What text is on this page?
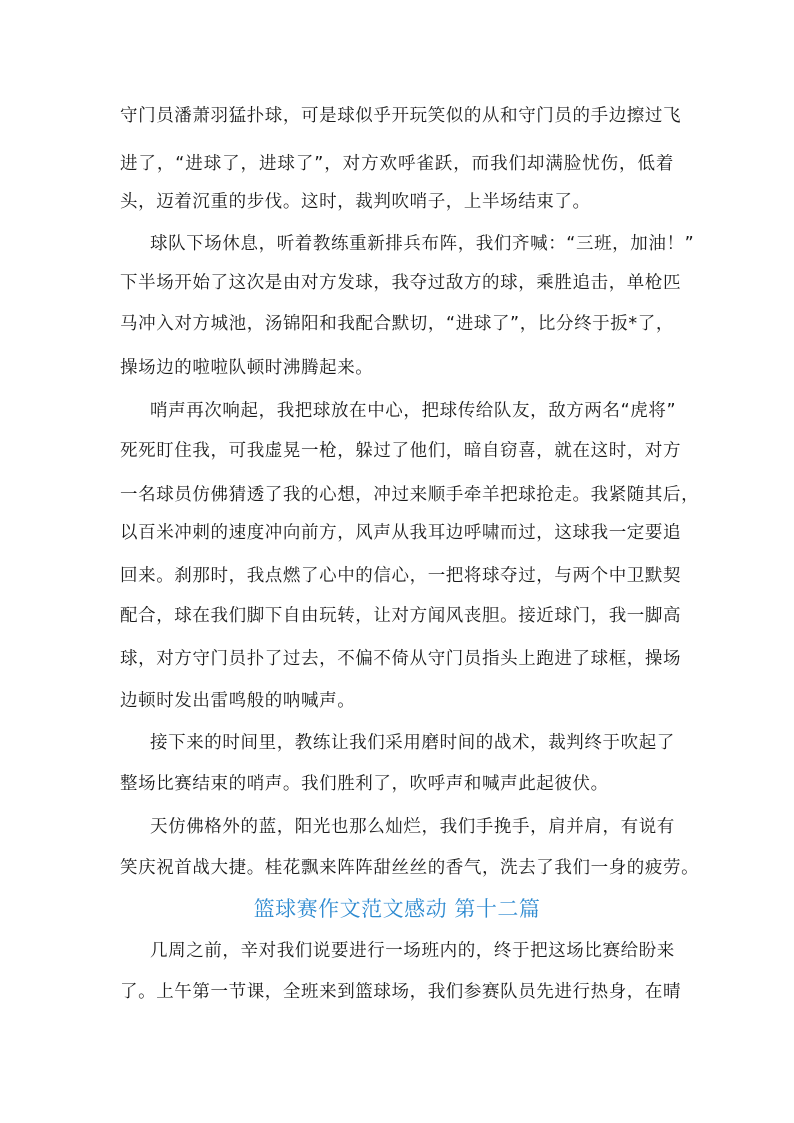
守门员潘萧羽猛扑球，可是球似乎开玩笑似的从和守门员的手边擦过飞
进了，“进球了，进球了”，对方欢呼雀跃，而我们却满脸忧伤，低着
头，迈着沉重的步伐。这时，裁判吹哨子，上半场结束了。
球队下场休息，听着教练重新排兵布阵，我们齐喊：“三班，加油！”
下半场开始了这次是由对方发球，我夺过敌方的球，乘胜追击，单枪匹
马冲入对方城池，汤锦阳和我配合默切，“进球了”，比分终于扳*了，
操场边的啦啦队顿时沸腾起来。
哨声再次响起，我把球放在中心，把球传给队友，敌方两名“虎将”
死死盯住我，可我虚晃一枪，躲过了他们，暗自窃喜，就在这时，对方
一名球员仿佛猜透了我的心想，冲过来顺手牵羊把球抢走。我紧随其后，
以百米冲刺的速度冲向前方，风声从我耳边呼啸而过，这球我一定要追
回来。刹那时，我点燃了心中的信心，一把将球夺过，与两个中卫默契
配合，球在我们脚下自由玩转，让对方闻风丧胆。接近球门，我一脚高
球，对方守门员扑了过去，不偏不倚从守门员指头上跑进了球框，操场
边顿时发出雷鸣般的呐喊声。
接下来的时间里，教练让我们采用磨时间的战术，裁判终于吹起了
整场比赛结束的哨声。我们胜利了，吹呼声和喊声此起彼伏。
天仿佛格外的蓝，阳光也那么灿烂，我们手挽手，肩并肩，有说有
笑庆祝首战大捷。桂花飘来阵阵甜丝丝的香气，洗去了我们一身的疲劳。
篮球赛作文范文感动 第十二篇
几周之前，辛对我们说要进行一场班内的，终于把这场比赛给盼来
了。上午第一节课，全班来到篮球场，我们参赛队员先进行热身，在晴
